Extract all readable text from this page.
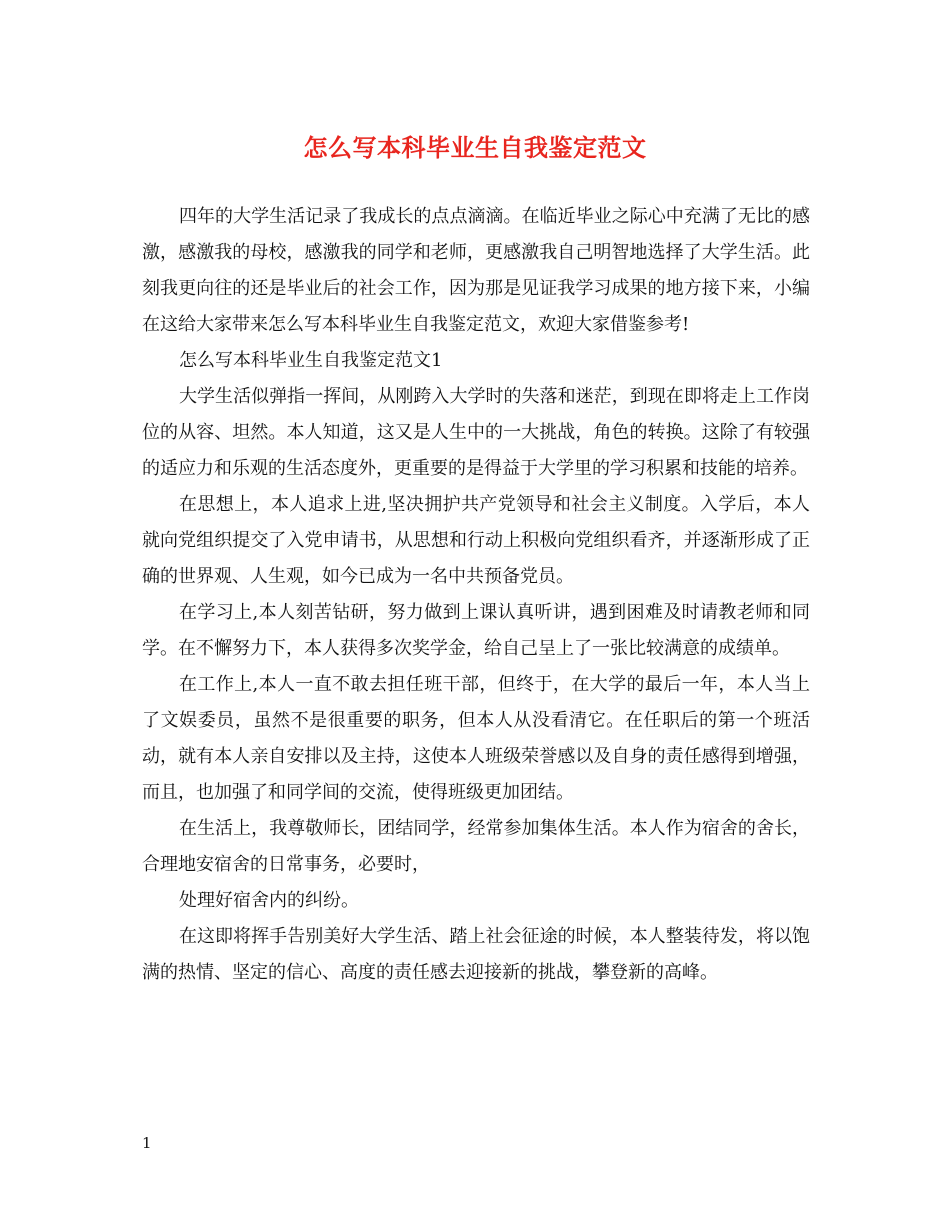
怎么写本科毕业生自我鉴定范文

四年的大学生活记录了我成长的点点滴滴。在临近毕业之际心中充满了无比的感激，感激我的母校，感激我的同学和老师，更感激我自己明智地选择了大学生活。此刻我更向往的还是毕业后的社会工作，因为那是见证我学习成果的地方接下来，小编在这给大家带来怎么写本科毕业生自我鉴定范文，欢迎大家借鉴参考!

怎么写本科毕业生自我鉴定范文1

大学生活似弹指一挥间，从刚跨入大学时的失落和迷茫，到现在即将走上工作岗位的从容、坦然。本人知道，这又是人生中的一大挑战，角色的转换。这除了有较强的适应力和乐观的生活态度外，更重要的是得益于大学里的学习积累和技能的培养。

在思想上，本人追求上进,坚决拥护共产党领导和社会主义制度。入学后，本人就向党组织提交了入党申请书，从思想和行动上积极向党组织看齐，并逐渐形成了正确的世界观、人生观，如今已成为一名中共预备党员。

在学习上,本人刻苦钻研，努力做到上课认真听讲，遇到困难及时请教老师和同学。在不懈努力下，本人获得多次奖学金，给自己呈上了一张比较满意的成绩单。

在工作上,本人一直不敢去担任班干部，但终于，在大学的最后一年，本人当上了文娱委员，虽然不是很重要的职务，但本人从没看清它。在任职后的第一个班活动，就有本人亲自安排以及主持，这使本人班级荣誉感以及自身的责任感得到增强，而且，也加强了和同学间的交流，使得班级更加团结。

在生活上，我尊敬师长，团结同学，经常参加集体生活。本人作为宿舍的舍长，合理地安宿舍的日常事务，必要时，

处理好宿舍内的纠纷。

在这即将挥手告别美好大学生活、踏上社会征途的时候，本人整装待发，将以饱满的热情、坚定的信心、高度的责任感去迎接新的挑战，攀登新的高峰。

1
